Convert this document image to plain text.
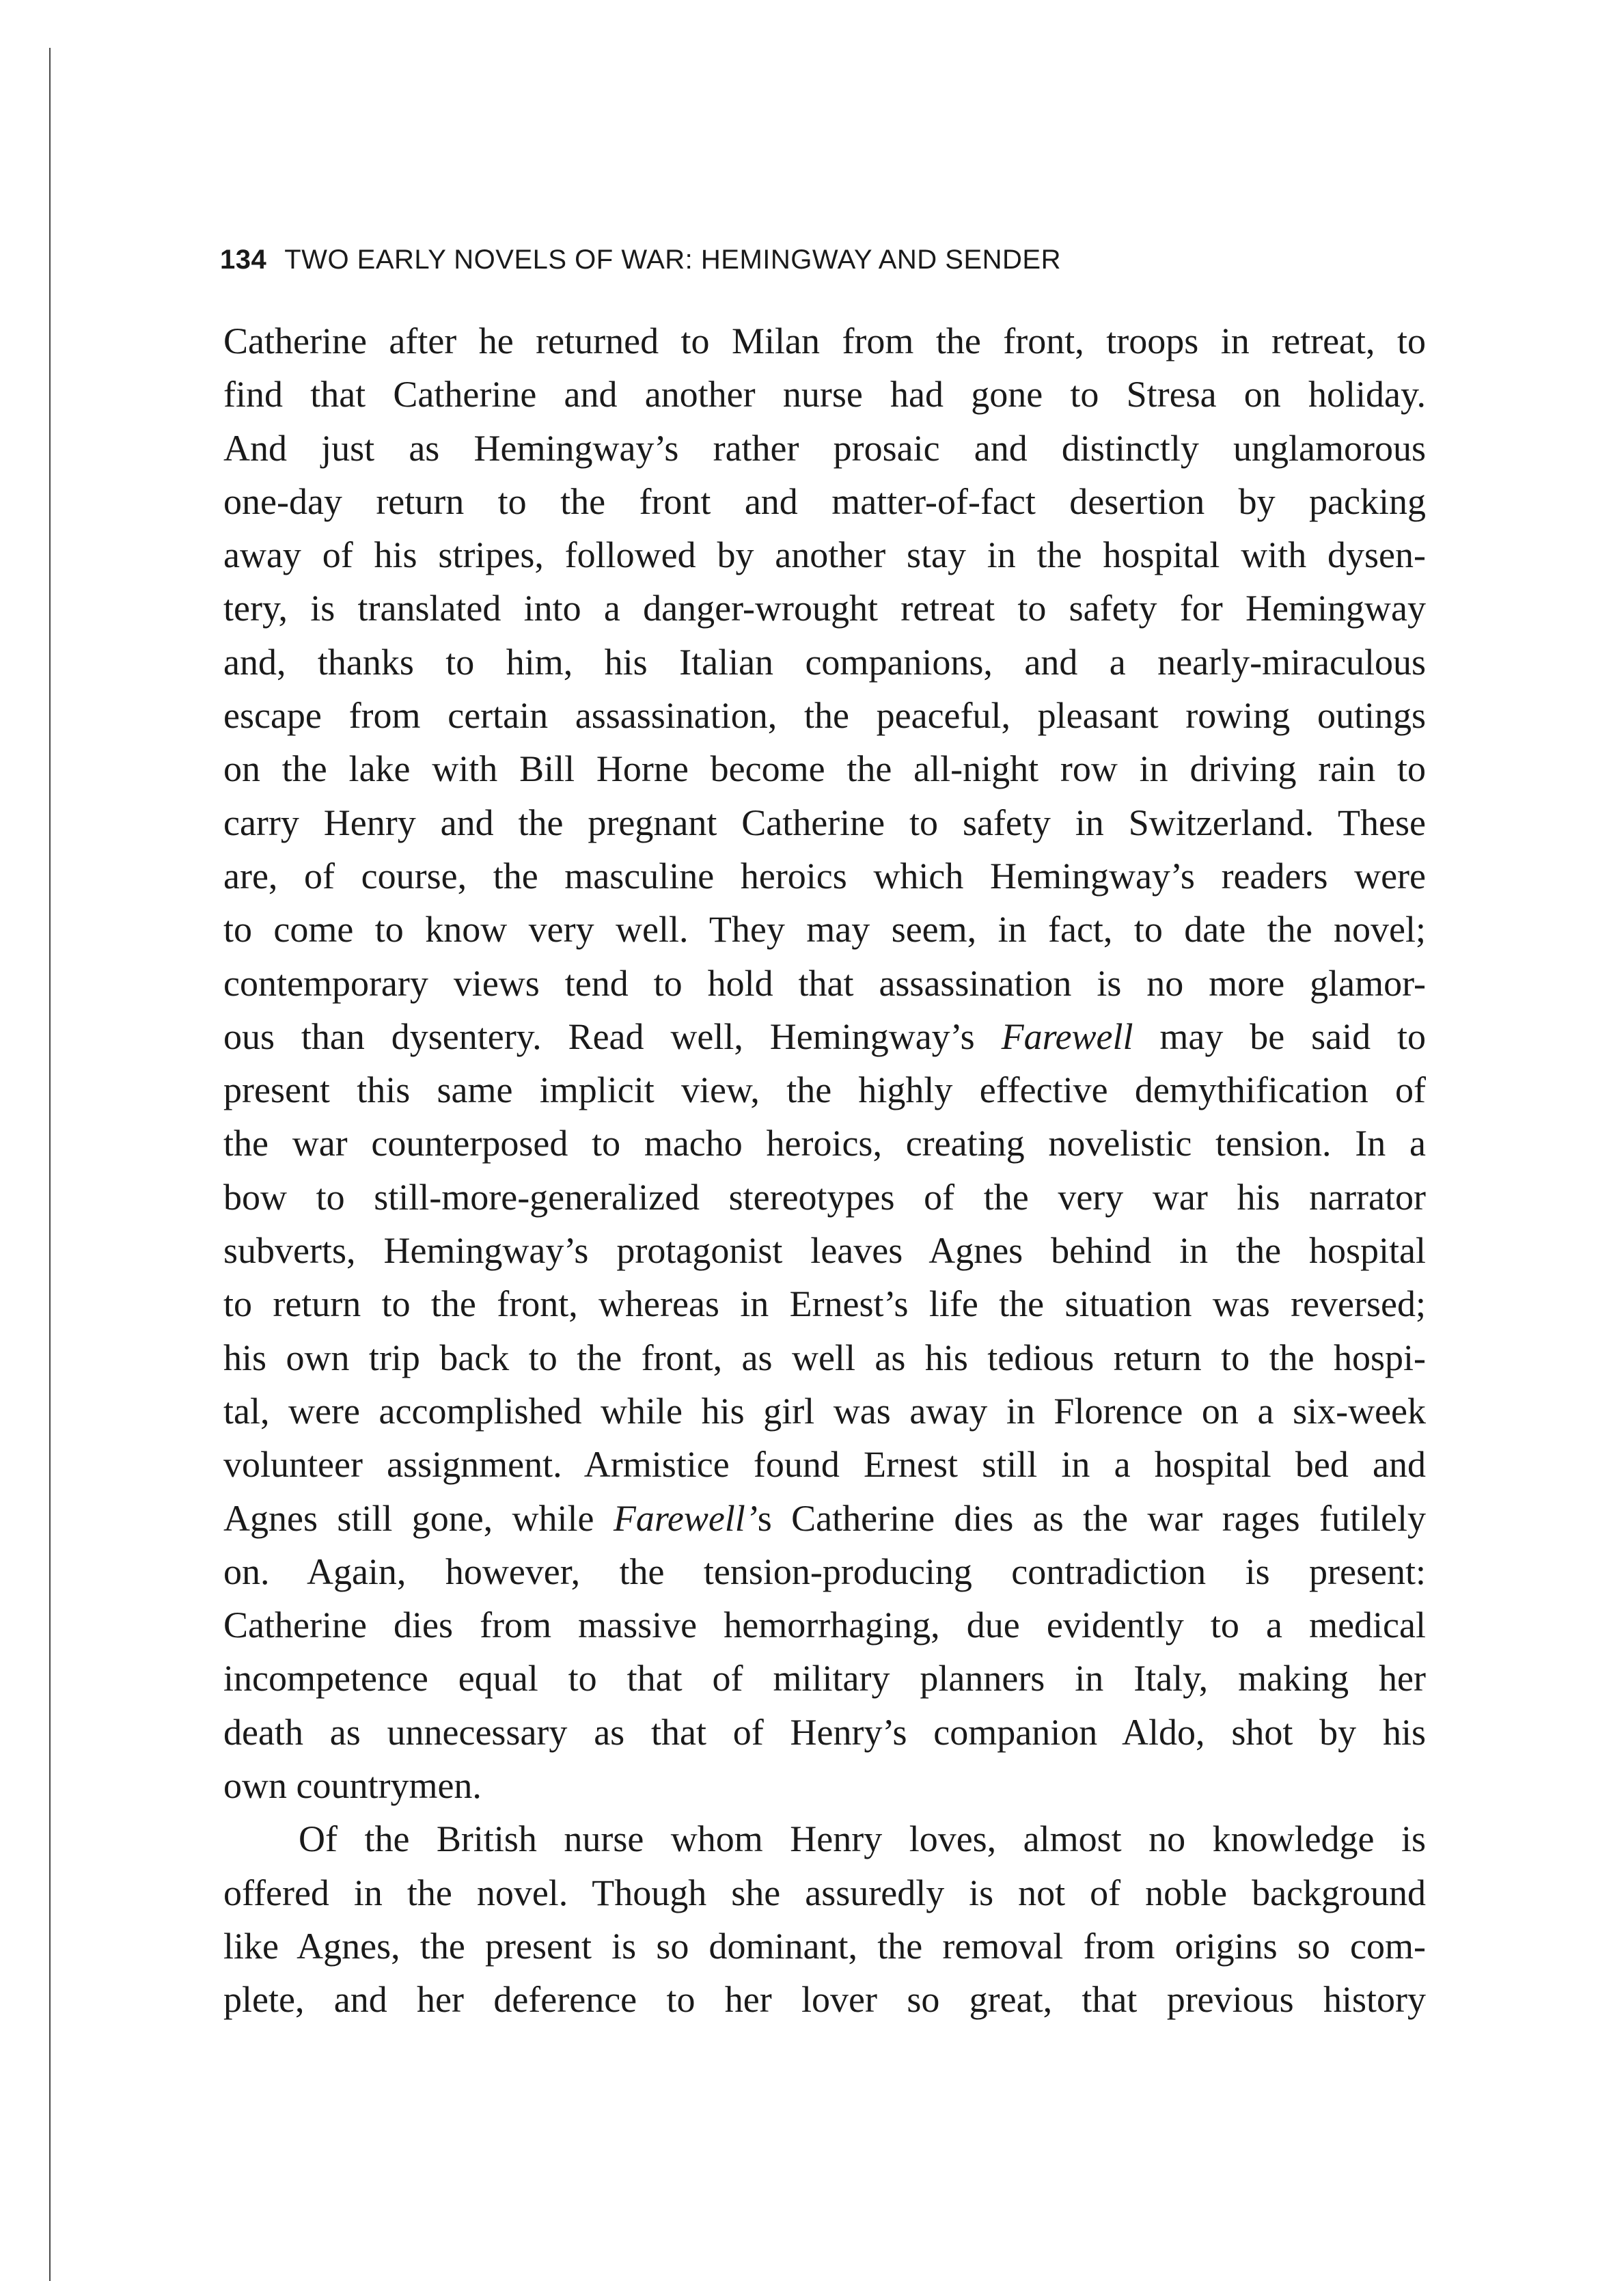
134 TWO EARLY NOVELS OF WAR: HEMINGWAY AND SENDER
Catherine after he returned to Milan from the front, troops in retreat, to
find that Catherine and another nurse had gone to Stresa on holiday.
And just as Hemingway’s rather prosaic and distinctly unglamorous
one-day return to the front and matter-of-fact desertion by packing
away of his stripes, followed by another stay in the hospital with dysen-
tery, is translated into a danger-wrought retreat to safety for Hemingway
and, thanks to him, his Italian companions, and a nearly-miraculous
escape from certain assassination, the peaceful, pleasant rowing outings
on the lake with Bill Horne become the all-night row in driving rain to
carry Henry and the pregnant Catherine to safety in Switzerland. These
are, of course, the masculine heroics which Hemingway’s readers were
to come to know very well. They may seem, in fact, to date the novel;
contemporary views tend to hold that assassination is no more glamor-
ous than dysentery. Read well, Hemingway’s Farewell may be said to
present this same implicit view, the highly effective demythification of
the war counterposed to macho heroics, creating novelistic tension. In a
bow to still-more-generalized stereotypes of the very war his narrator
subverts, Hemingway’s protagonist leaves Agnes behind in the hospital
to return to the front, whereas in Ernest’s life the situation was reversed;
his own trip back to the front, as well as his tedious return to the hospi-
tal, were accomplished while his girl was away in Florence on a six-week
volunteer assignment. Armistice found Ernest still in a hospital bed and
Agnes still gone, while Farewell’s Catherine dies as the war rages futilely
on. Again, however, the tension-producing contradiction is present:
Catherine dies from massive hemorrhaging, due evidently to a medical
incompetence equal to that of military planners in Italy, making her
death as unnecessary as that of Henry’s companion Aldo, shot by his
own countrymen.
Of the British nurse whom Henry loves, almost no knowledge is
offered in the novel. Though she assuredly is not of noble background
like Agnes, the present is so dominant, the removal from origins so com-
plete, and her deference to her lover so great, that previous history
